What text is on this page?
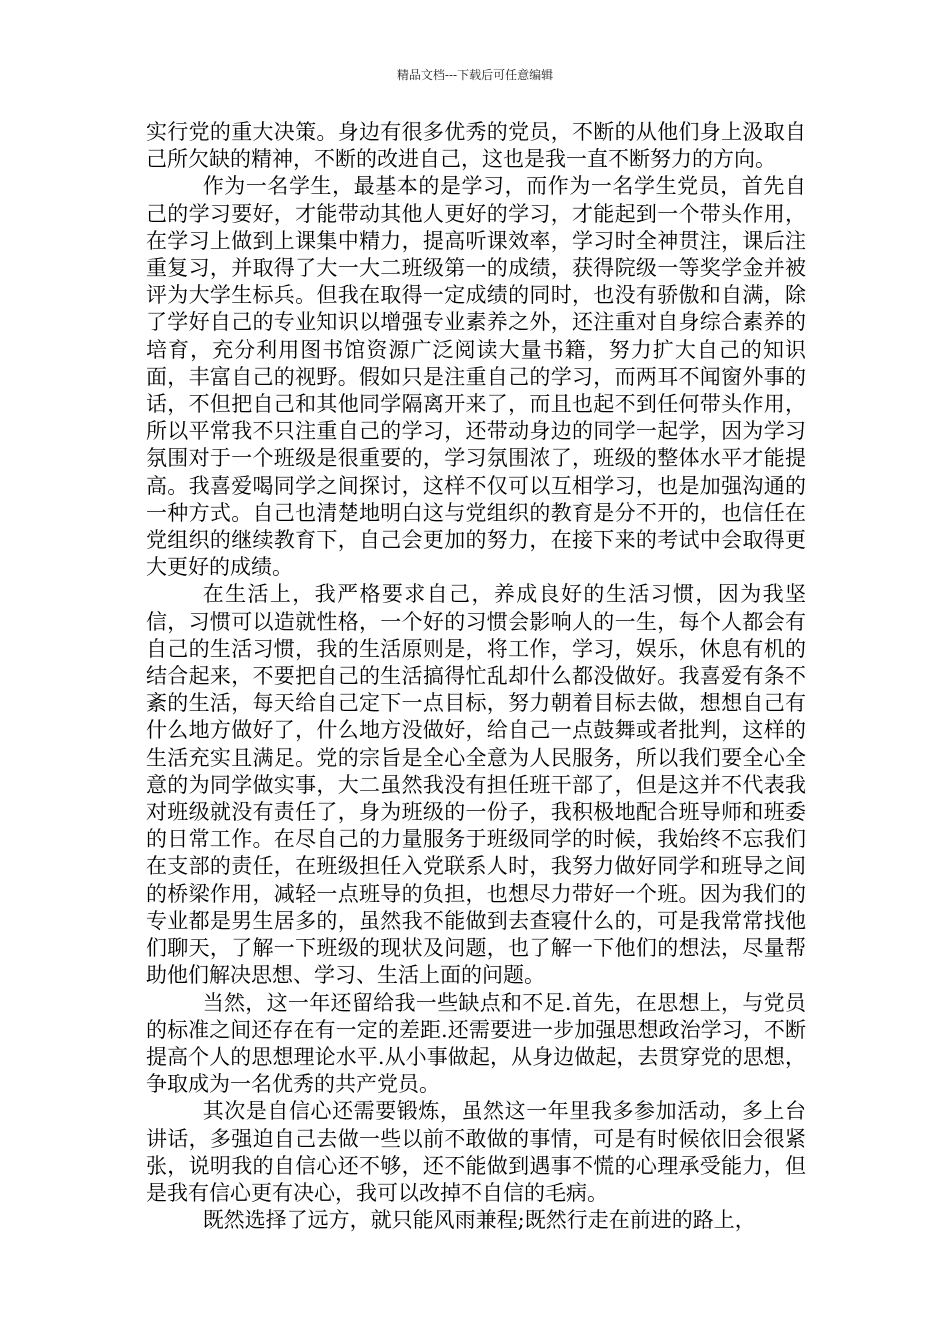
精品文档---下载后可任意编辑

实行党的重大决策。身边有很多优秀的党员，不断的从他们身上汲取自己所欠缺的精神，不断的改进自己，这也是我一直不断努力的方向。

作为一名学生，最基本的是学习，而作为一名学生党员，首先自己的学习要好，才能带动其他人更好的学习，才能起到一个带头作用，在学习上做到上课集中精力，提高听课效率，学习时全神贯注，课后注重复习，并取得了大一大二班级第一的成绩，获得院级一等奖学金并被评为大学生标兵。但我在取得一定成绩的同时，也没有骄傲和自满，除了学好自己的专业知识以增强专业素养之外，还注重对自身综合素养的培育，充分利用图书馆资源广泛阅读大量书籍，努力扩大自己的知识面，丰富自己的视野。假如只是注重自己的学习，而两耳不闻窗外事的话，不但把自己和其他同学隔离开来了，而且也起不到任何带头作用，所以平常我不只注重自己的学习，还带动身边的同学一起学，因为学习氛围对于一个班级是很重要的，学习氛围浓了，班级的整体水平才能提高。我喜爱喝同学之间探讨，这样不仅可以互相学习，也是加强沟通的一种方式。自己也清楚地明白这与党组织的教育是分不开的，也信任在党组织的继续教育下，自己会更加的努力，在接下来的考试中会取得更大更好的成绩。

在生活上，我严格要求自己，养成良好的生活习惯，因为我坚信，习惯可以造就性格，一个好的习惯会影响人的一生，每个人都会有自己的生活习惯，我的生活原则是，将工作，学习，娱乐，休息有机的结合起来，不要把自己的生活搞得忙乱却什么都没做好。我喜爱有条不紊的生活，每天给自己定下一点目标，努力朝着目标去做，想想自己有什么地方做好了，什么地方没做好，给自己一点鼓舞或者批判，这样的生活充实且满足。党的宗旨是全心全意为人民服务，所以我们要全心全意的为同学做实事，大二虽然我没有担任班干部了，但是这并不代表我对班级就没有责任了，身为班级的一份子，我积极地配合班导师和班委的日常工作。在尽自己的力量服务于班级同学的时候，我始终不忘我们在支部的责任，在班级担任入党联系人时，我努力做好同学和班导之间的桥梁作用，减轻一点班导的负担，也想尽力带好一个班。因为我们的专业都是男生居多的，虽然我不能做到去查寝什么的，可是我常常找他们聊天，了解一下班级的现状及问题，也了解一下他们的想法，尽量帮助他们解决思想、学习、生活上面的问题。

当然，这一年还留给我一些缺点和不足.首先，在思想上，与党员的标准之间还存在有一定的差距.还需要进一步加强思想政治学习，不断提高个人的思想理论水平.从小事做起，从身边做起，去贯穿党的思想，争取成为一名优秀的共产党员。

其次是自信心还需要锻炼，虽然这一年里我多参加活动，多上台讲话，多强迫自己去做一些以前不敢做的事情，可是有时候依旧会很紧张，说明我的自信心还不够，还不能做到遇事不慌的心理承受能力，但是我有信心更有决心，我可以改掉不自信的毛病。

既然选择了远方，就只能风雨兼程;既然行走在前进的路上，
